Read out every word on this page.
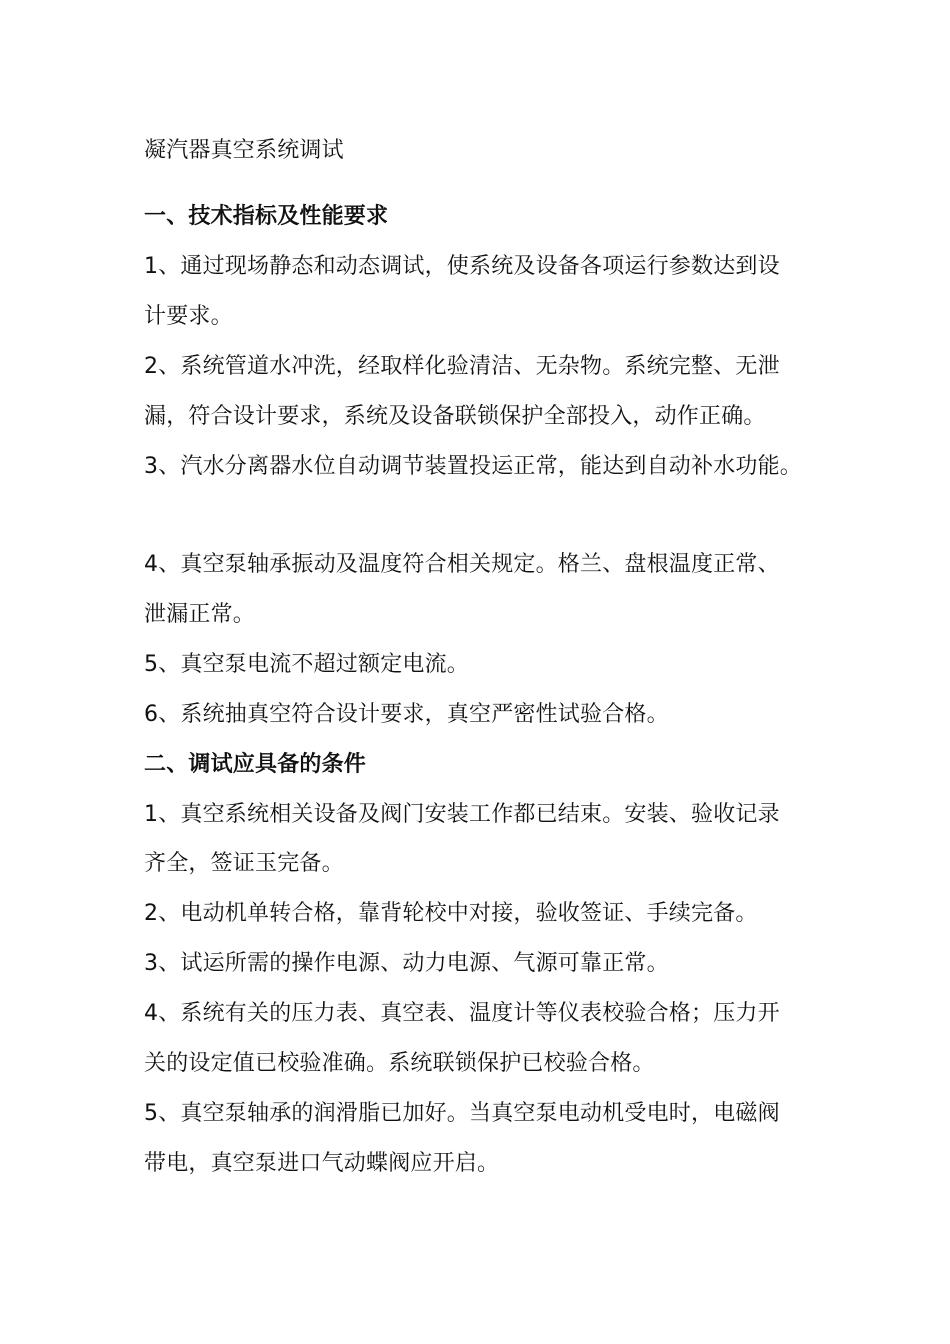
凝汽器真空系统调试
一、技术指标及性能要求
1、通过现场静态和动态调试，使系统及设备各项运行参数达到设
计要求。
2、系统管道水冲洗，经取样化验清洁、无杂物。系统完整、无泄
漏，符合设计要求，系统及设备联锁保护全部投入，动作正确。
3、汽水分离器水位自动调节装置投运正常，能达到自动补水功能。
4、真空泵轴承振动及温度符合相关规定。格兰、盘根温度正常、
泄漏正常。
5、真空泵电流不超过额定电流。
6、系统抽真空符合设计要求，真空严密性试验合格。
二、调试应具备的条件
1、真空系统相关设备及阀门安装工作都已结束。安装、验收记录
齐全，签证玉完备。
2、电动机单转合格，靠背轮校中对接，验收签证、手续完备。
3、试运所需的操作电源、动力电源、气源可靠正常。
4、系统有关的压力表、真空表、温度计等仪表校验合格；压力开
关的设定值已校验准确。系统联锁保护已校验合格。
5、真空泵轴承的润滑脂已加好。当真空泵电动机受电时，电磁阀
带电，真空泵进口气动蝶阀应开启。
